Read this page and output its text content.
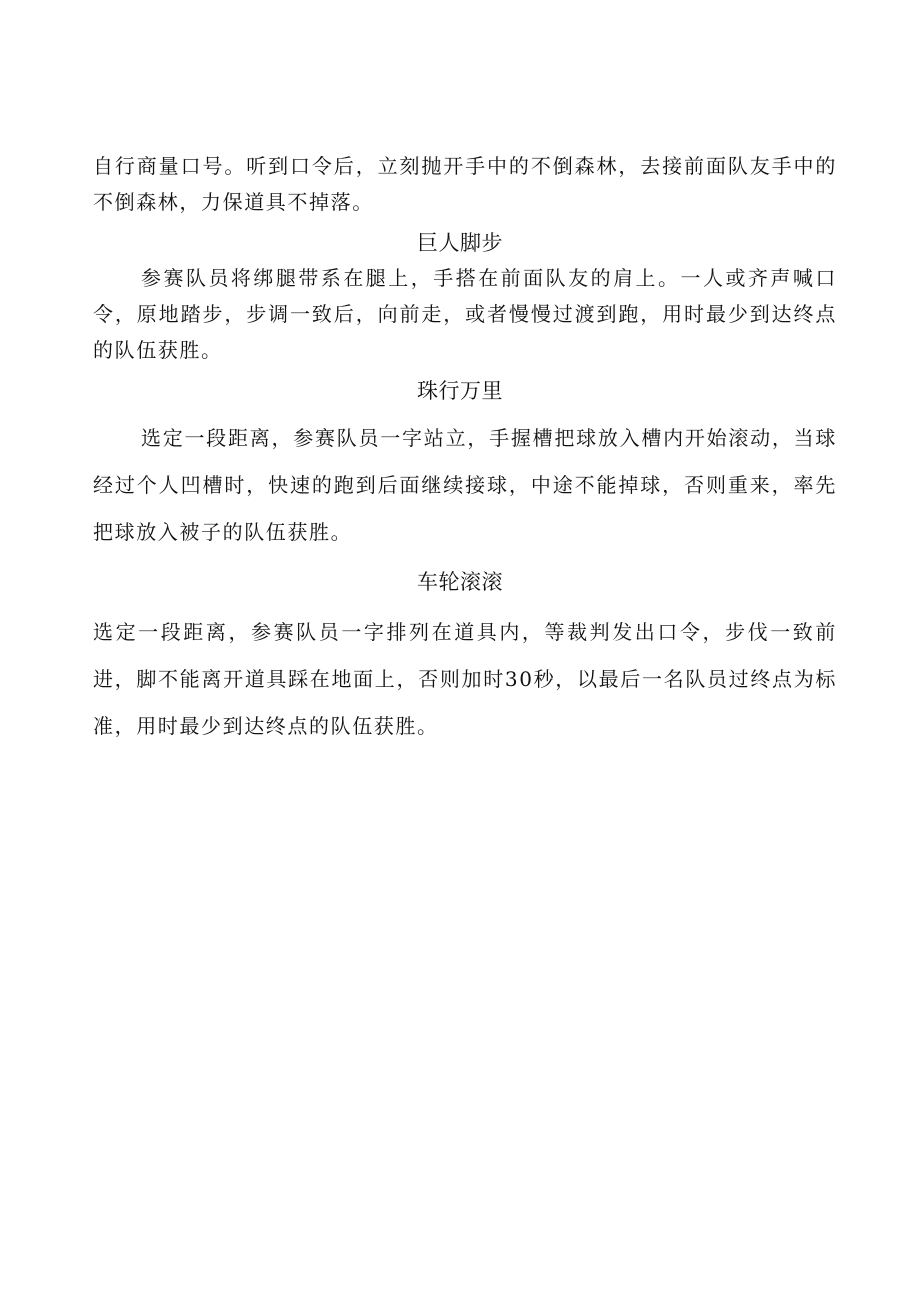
自行商量口号。听到口令后，立刻抛开手中的不倒森林，去接前面队友手中的不倒森林，力保道具不掉落。

巨人脚步

参赛队员将绑腿带系在腿上，手搭在前面队友的肩上。一人或齐声喊口令，原地踏步，步调一致后，向前走，或者慢慢过渡到跑，用时最少到达终点的队伍获胜。

珠行万里

选定一段距离，参赛队员一字站立，手握槽把球放入槽内开始滚动，当球经过个人凹槽时，快速的跑到后面继续接球，中途不能掉球，否则重来，率先把球放入被子的队伍获胜。

车轮滚滚

选定一段距离，参赛队员一字排列在道具内，等裁判发出口令，步伐一致前进，脚不能离开道具踩在地面上，否则加时30秒，以最后一名队员过终点为标准，用时最少到达终点的队伍获胜。
